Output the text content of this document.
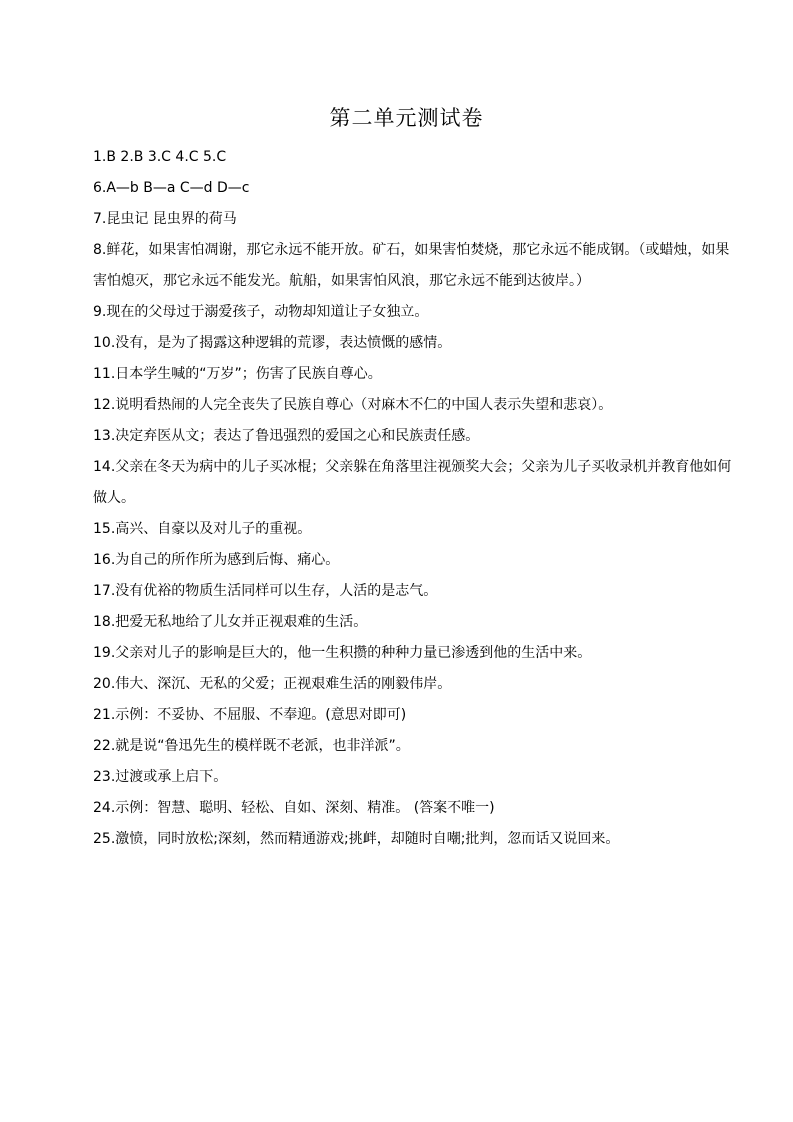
第二单元测试卷
1.B 2.B 3.C 4.C 5.C
6.A—b B—a C—d D—c
7.昆虫记 昆虫界的荷马
8.鲜花，如果害怕凋谢，那它永远不能开放。矿石，如果害怕焚烧，那它永远不能成钢。（或蜡烛，如果害怕熄灭，那它永远不能发光。航船，如果害怕风浪，那它永远不能到达彼岸。）
9.现在的父母过于溺爱孩子，动物却知道让子女独立。
10.没有，是为了揭露这种逻辑的荒谬，表达愤慨的感情。
11.日本学生喊的“万岁”；伤害了民族自尊心。
12.说明看热闹的人完全丧失了民族自尊心（对麻木不仁的中国人表示失望和悲哀）。
13.决定弃医从文；表达了鲁迅强烈的爱国之心和民族责任感。
14.父亲在冬天为病中的儿子买冰棍；父亲躲在角落里注视颁奖大会；父亲为儿子买收录机并教育他如何做人。
15.高兴、自豪以及对儿子的重视。
16.为自己的所作所为感到后悔、痛心。
17.没有优裕的物质生活同样可以生存，人活的是志气。
18.把爱无私地给了儿女并正视艰难的生活。
19.父亲对儿子的影响是巨大的，他一生积攒的种种力量已渗透到他的生活中来。
20.伟大、深沉、无私的父爱；正视艰难生活的刚毅伟岸。
21.示例：不妥协、不屈服、不奉迎。(意思对即可)
22.就是说“鲁迅先生的模样既不老派，也非洋派”。
23.过渡或承上启下。
24.示例：智慧、聪明、轻松、自如、深刻、精准。 (答案不唯一)
25.激愤，同时放松;深刻，然而精通游戏;挑衅，却随时自嘲;批判，忽而话又说回来。
